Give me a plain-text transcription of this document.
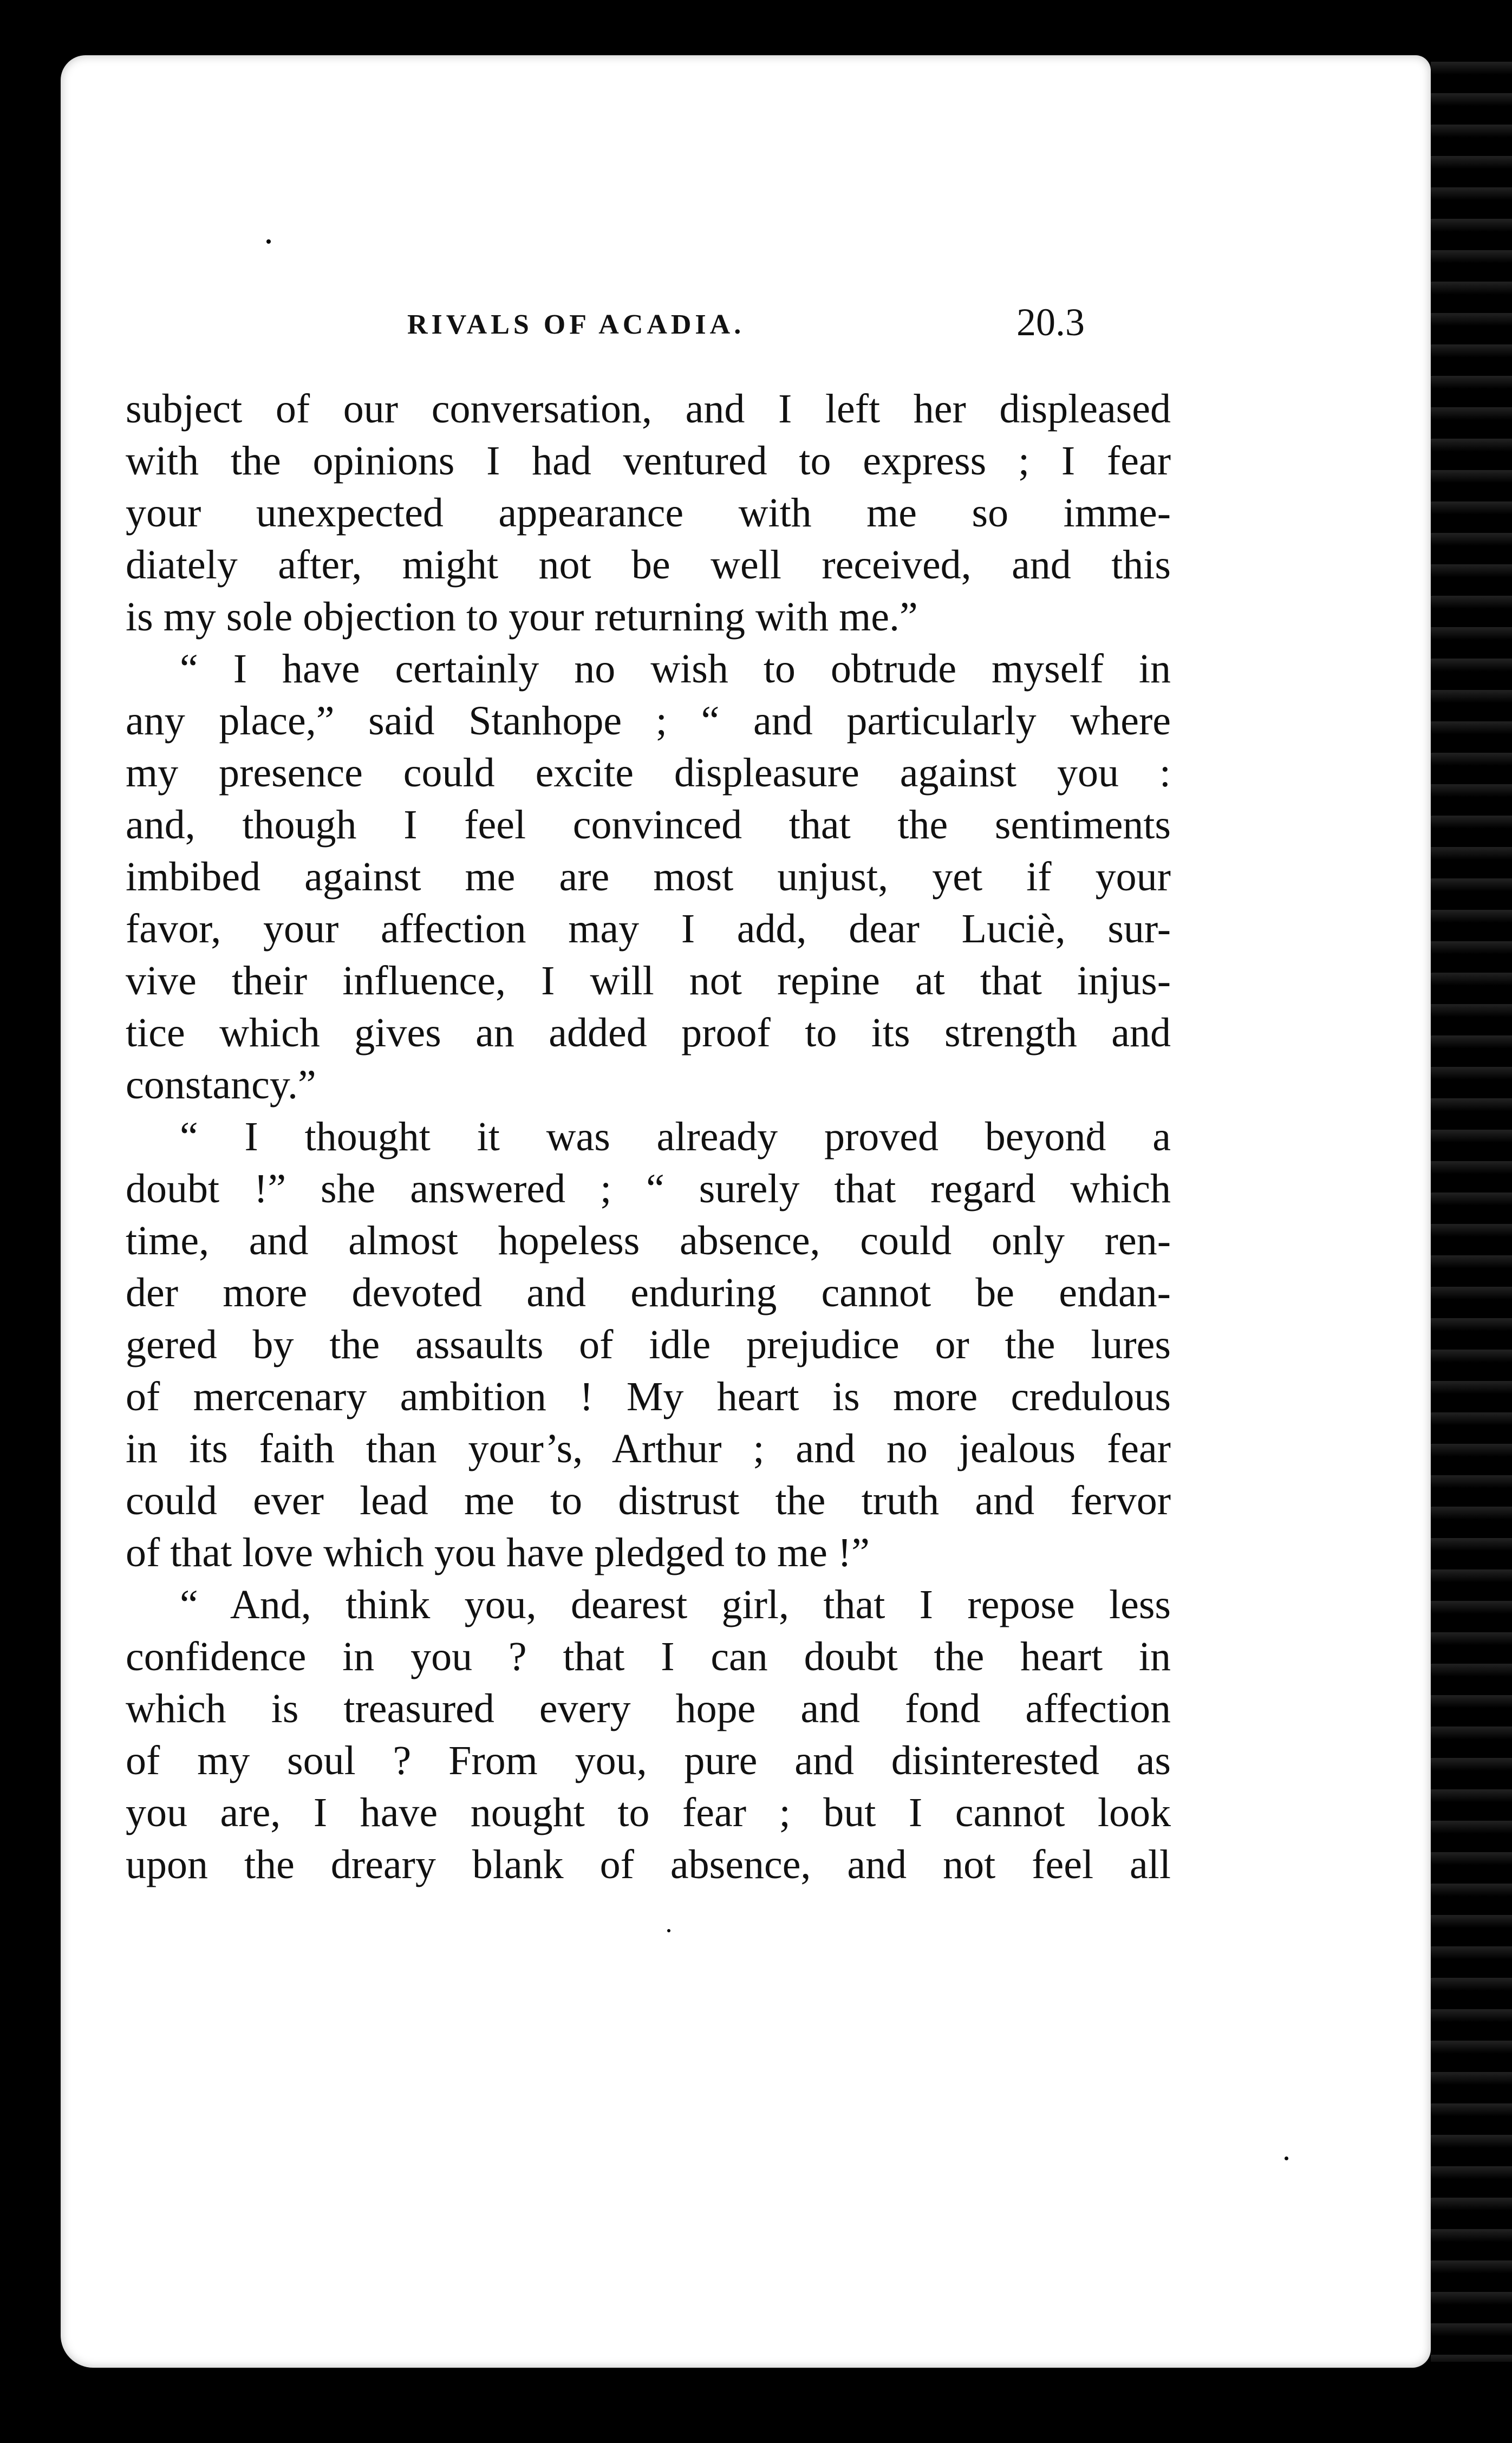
RIVALS OF ACADIA.	20.3
subject of our conversation, and I left her displeased
with the opinions I had ventured to express ; I fear
your unexpected appearance with me so imme-
diately after, might not be well received, and this
is my sole objection to your returning with me.”
“ I have certainly no wish to obtrude myself in
any place,” said Stanhope ; “ and particularly where
my presence could excite displeasure against you :
and, though I feel convinced that the sentiments
imbibed against me are most unjust, yet if your
favor, your affection may I add, dear Luciè, sur-
vive their influence, I will not repine at that injus-
tice which gives an added proof to its strength and
constancy.”
“ I thought it was already proved beyond a
doubt !” she answered ; “ surely that regard which
time, and almost hopeless absence, could only ren-
der more devoted and enduring cannot be endan-
gered by the assaults of idle prejudice or the lures
of mercenary ambition ! My heart is more credulous
in its faith than your’s, Arthur ; and no jealous fear
could ever lead me to distrust the truth and fervor
of that love which you have pledged to me !”
“ And, think you, dearest girl, that I repose less
confidence in you ? that I can doubt the heart in
which is treasured every hope and fond affection
of my soul ? From you, pure and disinterested as
you are, I have nought to fear ; but I cannot look
upon the dreary blank of absence, and not feel all
